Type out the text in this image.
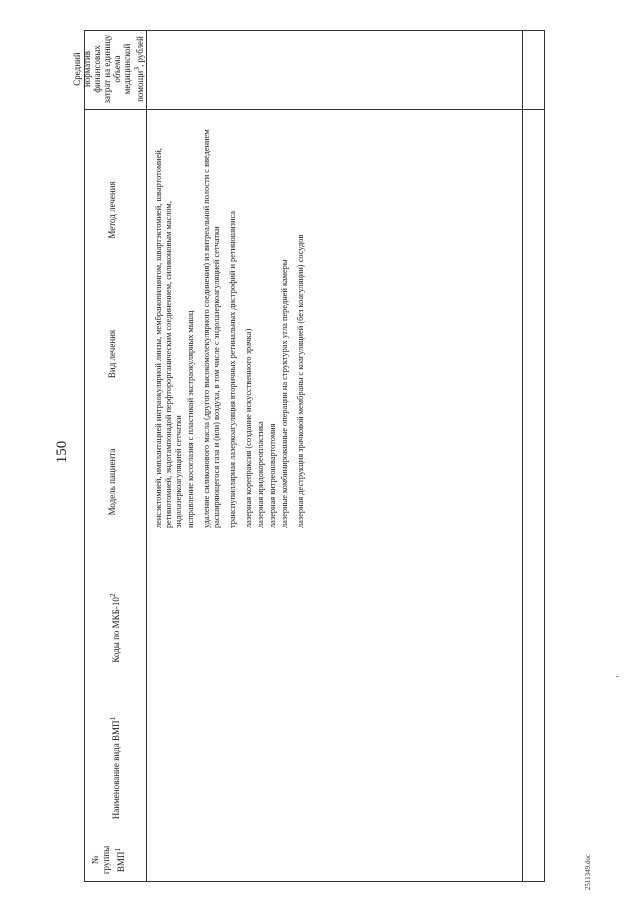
150
№ группы ВМП$^1$
Наименование вида ВМП$^1$
Коды по МКБ-$10^2$
Модель пациента
Вид лечения
Метод лечения
Средний норматив финансовых затрат на единицу объема медицинской помощи$^3$, рублей
ленсэктомией, имплантацией интраокулярной линзы, мембранопилингом, швартэктомией, швартотомией, ретинотомией, эндотампонадой перфторорганическим соединением, силиконовым маслом, эндолазеркоагуляцией сетчатки исправление косоглазия с пластикой экстраокулярных мышц удаление силиконового масла (другого высокомолекулярного соединения) из витреальной полости с введением расширяющегося газа и (или) воздуха, в том числе с эндолазеркоагуляцией сетчатки транспупиллярная лазеркоагуляция вторичных ретинальных дистрофий и ретиношизиса лазерная корепраксия (создание искусственного зрачка) лазерная иридокореопластика лазерная витреошвартотомия лазерные комбинированные операции на структурах угла передней камеры лазерная деструкция зрачковой мембраны с коагуляцией (без коагуляции) сосудов
2511349.doc
